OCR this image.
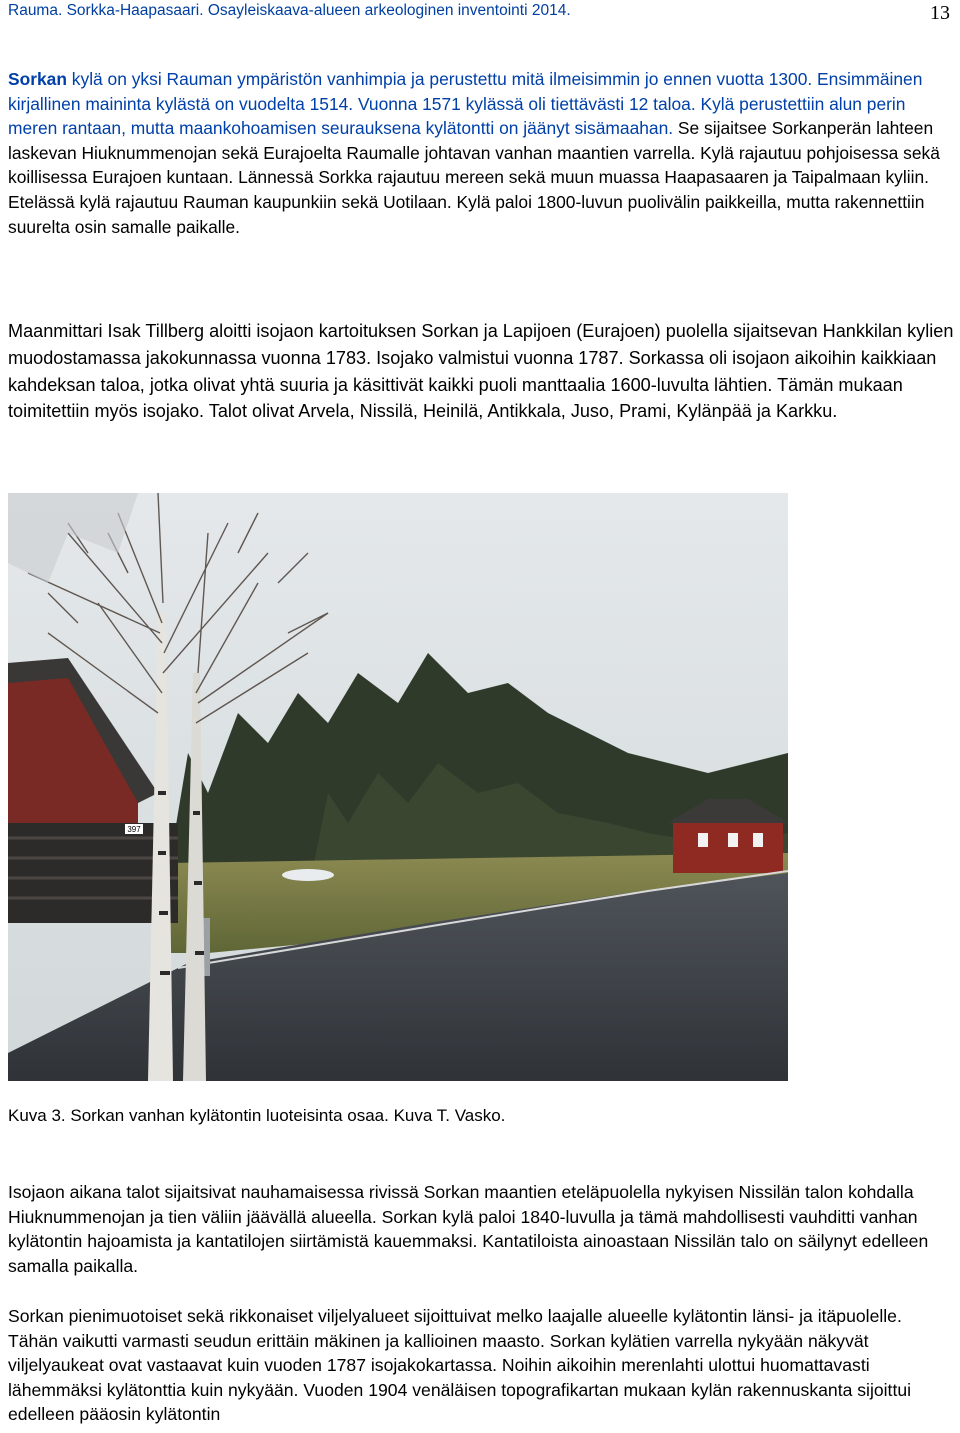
Rauma. Sorkka-Haapasaari. Osayleiskaava-alueen arkeologinen inventointi 2014.	13
Sorkan kylä on yksi Rauman ympäristön vanhimpia ja perustettu mitä ilmeisimmin jo ennen vuotta 1300. Ensimmäinen kirjallinen maininta kylästä on vuodelta 1514. Vuonna 1571 kylässä oli tiettävästi 12 taloa. Kylä perustettiin alun perin meren rantaan, mutta maankohoamisen seurauksena kylätontti on jäänyt sisämaahan. Se sijaitsee Sorkanperän lahteen laskevan Hiuknummenojan sekä Eurajoelta Raumalle johtavan vanhan maantien varrella. Kylä rajautuu pohjoisessa sekä koillisessa Eurajoen kuntaan. Lännessä Sorkka rajautuu mereen sekä muun muassa Haapasaaren ja Taipalmaan kyliin. Etelässä kylä rajautuu Rauman kaupunkiin sekä Uotilaan. Kylä paloi 1800-luvun puolivälin paikkeilla, mutta rakennettiin suurelta osin samalle paikalle.
Maanmittari Isak Tillberg aloitti isojaon kartoituksen Sorkan ja Lapijoen (Eurajoen) puolella sijaitsevan Hankkilan kylien muodostamassa jakokunnassa vuonna 1783. Isojako valmistui vuonna 1787. Sorkassa oli isojaon aikoihin kaikkiaan kahdeksan taloa, jotka olivat yhtä suuria ja käsittivät kaikki puoli manttaalia 1600-luvulta lähtien. Tämän mukaan toimitettiin myös isojako. Talot olivat Arvela, Nissilä, Heinilä, Antikkala, Juso, Prami, Kylänpää ja Karkku.
397
Kuva 3. Sorkan vanhan kylätontin luoteisinta osaa. Kuva T. Vasko.
Isojaon aikana talot sijaitsivat nauhamaisessa rivissä Sorkan maantien eteläpuolella nykyisen Nissilän talon kohdalla Hiuknummenojan ja tien väliin jäävällä alueella. Sorkan kylä paloi 1840-luvulla ja tämä mahdollisesti vauhditti vanhan kylätontin hajoamista ja kantatilojen siirtämistä kauemmaksi. Kantatiloista ainoastaan Nissilän talo on säilynyt edelleen samalla paikalla.
Sorkan pienimuotoiset sekä rikkonaiset viljelyalueet sijoittuivat melko laajalle alueelle kylätontin länsi- ja itäpuolelle. Tähän vaikutti varmasti seudun erittäin mäkinen ja kallioinen maasto. Sorkan kylätien varrella nykyään näkyvät viljelyaukeat ovat vastaavat kuin vuoden 1787 isojakokartassa. Noihin aikoihin merenlahti ulottui huomattavasti lähemmäksi kylätonttia kuin nykyään. Vuoden 1904 venäläisen topografikartan mukaan kylän rakennuskanta sijoittui edelleen pääosin kylätontin
